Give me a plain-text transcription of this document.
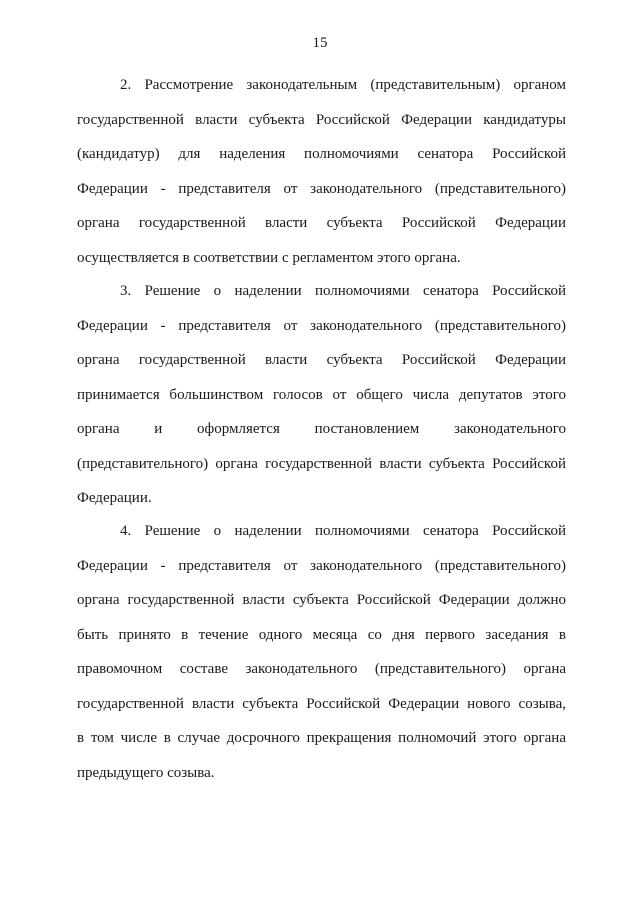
15
2. Рассмотрение законодательным (представительным) органом
государственной власти субъекта Российской Федерации кандидатуры
(кандидатур) для наделения полномочиями сенатора Российской
Федерации - представителя от законодательного (представительного)
органа государственной власти субъекта Российской Федерации
осуществляется в соответствии с регламентом этого органа.
3. Решение о наделении полномочиями сенатора Российской
Федерации - представителя от законодательного (представительного)
органа государственной власти субъекта Российской Федерации
принимается большинством голосов от общего числа депутатов этого
органа и оформляется постановлением законодательного
(представительного) органа государственной власти субъекта Российской
Федерации.
4. Решение о наделении полномочиями сенатора Российской
Федерации - представителя от законодательного (представительного)
органа государственной власти субъекта Российской Федерации должно
быть принято в течение одного месяца со дня первого заседания в
правомочном составе законодательного (представительного) органа
государственной власти субъекта Российской Федерации нового созыва,
в том числе в случае досрочного прекращения полномочий этого органа
предыдущего созыва.
